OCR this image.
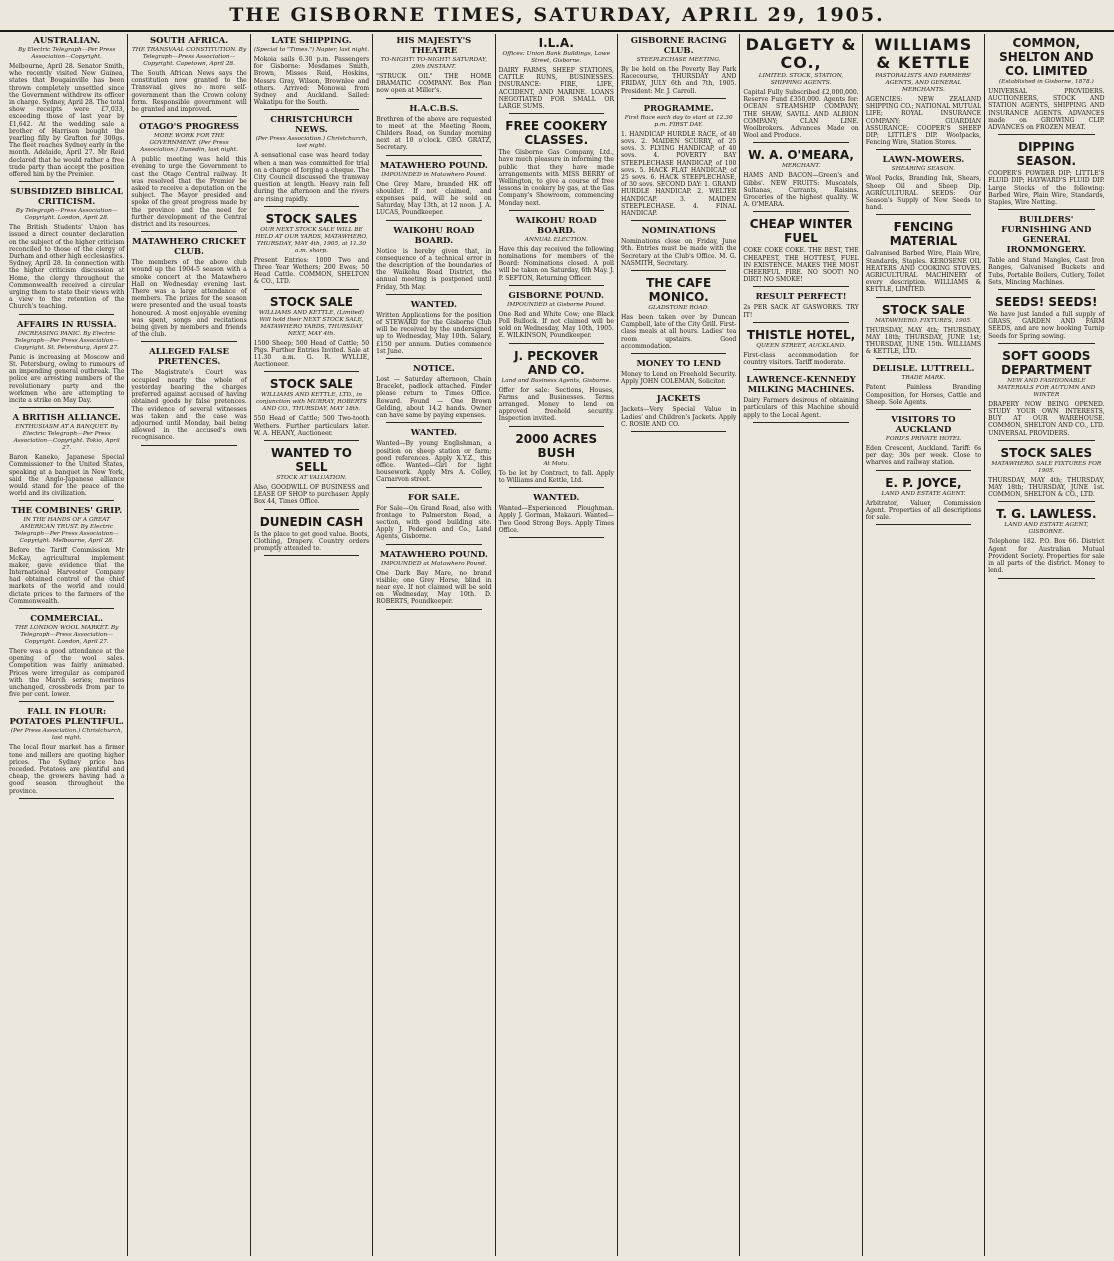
THE GISBORNE TIMES, SATURDAY, APRIL 29, 1905.
AUSTRALIAN.
By Electric Telegraph—Per Press Association—Copyright.
Melbourne, April 28. Senator Smith, who recently visited New Guinea, states that Bougainville has been thrown completely unsettled since the Government withdrew its officer in charge. Sydney, April 28. The total show receipts were £7,033, exceeding those of last year by £1,642. At the wedding sale a brother of Harrison bought the yearling filly by Grafton for 300gs. The fleet reaches Sydney early in the month. Adelaide, April 27. Mr Reid declared that he would rather a free trade party than accept the position offered him by the Premier.
SUBSIDIZED BIBLICAL CRITICISM.
By Telegraph—Press Association—Copyright. London, April 28.
The British Students' Union has issued a direct counter declaration on the subject of the higher criticism reconciled to those of the clergy of Durham and other high ecclesiastics. Sydney, April 28. In connection with the higher criticism discussion at Home, the clergy throughout the Commonwealth received a circular urging them to state their views with a view to the retention of the Church's teaching.
AFFAIRS IN RUSSIA.
INCREASING PANIC. By Electric Telegraph—Per Press Association—Copyright. St. Petersburg, April 27.
Panic is increasing at Moscow and St. Petersburg, owing to rumours of an impending general outbreak. The police are arresting numbers of the revolutionary party and the workmen who are attempting to incite a strike on May Day.
A BRITISH ALLIANCE.
ENTHUSIASM AT A BANQUET. By Electric Telegraph—Per Press Association—Copyright. Tokio, April 27.
Baron Kaneko, Japanese Special Commissioner to the United States, speaking at a banquet in New York, said the Anglo-Japanese alliance would stand for the peace of the world and its civilization.
THE COMBINES' GRIP.
IN THE HANDS OF A GREAT AMERICAN TRUST. By Electric Telegraph—Per Press Association—Copyright. Melbourne, April 28.
Before the Tariff Commission Mr McKay, agricultural implement maker, gave evidence that the International Harvester Company had obtained control of the chief markets of the world and could dictate prices to the farmers of the Commonwealth.
COMMERCIAL.
THE LONDON WOOL MARKET. By Telegraph—Press Association—Copyright. London, April 27.
There was a good attendance at the opening of the wool sales. Competition was fairly animated. Prices were irregular as compared with the March series; merinos unchanged, crossbreds from par to five per cent. lower.
FALL IN FLOUR: POTATOES PLENTIFUL.
(Per Press Association.) Christchurch, last night.
The local flour market has a firmer tone and millers are quoting higher prices. The Sydney price has receded. Potatoes are plentiful and cheap, the growers having had a good season throughout the province.
SOUTH AFRICA.
THE TRANSVAAL CONSTITUTION. By Telegraph—Press Association—Copyright. Capetown, April 28.
The South African News says the constitution now granted to the Transvaal gives no more self-government than the Crown colony form. Responsible government will be granted and improved.
OTAGO'S PROGRESS
MORE WORK FOR THE GOVERNMENT. (Per Press Association.) Dunedin, last night.
A public meeting was held this evening to urge the Government to cast the Otago Central railway. It was resolved that the Premier be asked to receive a deputation on the subject. The Mayor presided and spoke of the great progress made by the province and the need for further development of the Central district and its resources.
MATAWHERO CRICKET CLUB.
The members of the above club wound up the 1904-5 season with a smoke concert at the Matawhero Hall on Wednesday evening last. There was a large attendance of members. The prizes for the season were presented and the usual toasts honoured. A most enjoyable evening was spent, songs and recitations being given by members and friends of the club.
ALLEGED FALSE PRETENCES.
The Magistrate's Court was occupied nearly the whole of yesterday hearing the charges preferred against accused of having obtained goods by false pretences. The evidence of several witnesses was taken and the case was adjourned until Monday, bail being allowed in the accused's own recognisance.
LATE SHIPPING.
(Special to "Times.") Napier, last night.
Mokoia sails 6.30 p.m. Passengers for Gisborne: Mesdames Smith, Brown, Misses Reid, Hoskins, Messrs Gray, Wilson, Brownlee and others. Arrived: Monowai from Sydney and Auckland. Sailed: Wakatipu for the South.
CHRISTCHURCH NEWS.
(Per Press Association.) Christchurch, last night.
A sensational case was heard today when a man was committed for trial on a charge of forging a cheque. The City Council discussed the tramway question at length. Heavy rain fell during the afternoon and the rivers are rising rapidly.
STOCK SALES
OUR NEXT STOCK SALE WILL BE HELD AT OUR YARDS, MATAWHERO, THURSDAY, MAY 4th, 1905, at 11.30 a.m. sharp.
Present Entries: 1000 Two and Three Year Wethers; 200 Ewes; 50 Head Cattle. COMMON, SHELTON & CO., LTD.
STOCK SALE
WILLIAMS AND KETTLE, (Limited) Will hold their NEXT STOCK SALE, MATAWHERO YARDS, THURSDAY NEXT, MAY 4th.
1500 Sheep; 500 Head of Cattle; 50 Pigs. Further Entries Invited. Sale at 11.30 a.m. G. R. WYLLIE, Auctioneer.
STOCK SALE
WILLIAMS AND KETTLE, LTD., in conjunction with MURRAY, ROBERTS AND CO., THURSDAY, MAY 18th.
550 Head of Cattle; 500 Two-tooth Wethers. Further particulars later. W. A. HEANY, Auctioneer.
WANTED TO SELL
STOCK AT VALUATION.
Also, GOODWILL OF BUSINESS and LEASE OF SHOP to purchaser. Apply Box 44, Times Office.
DUNEDIN CASH
Is the place to get good value. Boots, Clothing, Drapery. Country orders promptly attended to.
HIS MAJESTY'S THEATRE
TO-NIGHT! TO-NIGHT! SATURDAY, 29th INSTANT.
"STRUCK OIL" THE HOME DRAMATIC COMPANY. Box Plan now open at Miller's.
H.A.C.B.S.
Brethren of the above are requested to meet at the Meeting Room, Childers Road, on Sunday morning next at 10 o'clock. GEO. GRATZ, Secretary.
MATAWHERO POUND.
IMPOUNDED in Matawhero Pound.
One Grey Mare, branded HK off shoulder. If not claimed, and expenses paid, will be sold on Saturday, May 13th, at 12 noon. J. A. LUCAS, Poundkeeper.
WAIKOHU ROAD BOARD.
Notice is hereby given that, in consequence of a technical error in the description of the boundaries of the Waikohu Road District, the annual meeting is postponed until Friday, 5th May.
WANTED.
Written Applications for the position of STEWARD for the Gisborne Club will be received by the undersigned up to Wednesday, May 10th. Salary, £150 per annum. Duties commence 1st June.
NOTICE.
Lost — Saturday afternoon, Chain Bracelet, padlock attached. Finder please return to Times Office. Reward. Found — One Brown Gelding, about 14.2 hands. Owner can have same by paying expenses.
WANTED.
Wanted—By young Englishman, a position on sheep station or farm; good references. Apply X.Y.Z., this office. Wanted—Girl for light housework. Apply Mrs A. Colley, Carnarvon street.
FOR SALE.
For Sale—On Grand Road, also with frontage to Palmerston Road, a section, with good building site. Apply J. Pedersen and Co., Land Agents, Gisborne.
MATAWHERO POUND.
IMPOUNDED at Matawhero Pound.
One Dark Bay Mare, no brand visible; one Grey Horse, blind in near eye. If not claimed will be sold on Wednesday, May 10th. D. ROBERTS, Poundkeeper.
I.L.A.
Offices: Union Bank Buildings, Lowe Street, Gisborne.
DAIRY FARMS, SHEEP STATIONS, CATTLE RUNS, BUSINESSES. INSURANCE: FIRE, LIFE, ACCIDENT, AND MARINE. LOANS NEGOTIATED FOR SMALL OR LARGE SUMS.
FREE COOKERY CLASSES.
The Gisborne Gas Company, Ltd., have much pleasure in informing the public that they have made arrangements with MISS BERRY of Wellington, to give a course of free lessons in cookery by gas, at the Gas Company's Showroom, commencing Monday next.
WAIKOHU ROAD BOARD.
ANNUAL ELECTION.
Have this day received the following nominations for members of the Board: Nominations closed. A poll will be taken on Saturday, 6th May. J. P. SEFTON, Returning Officer.
GISBORNE POUND.
IMPOUNDED at Gisborne Pound.
One Red and White Cow; one Black Poll Bullock. If not claimed will be sold on Wednesday, May 10th, 1905. E. WILKINSON, Poundkeeper.
J. PECKOVER AND CO.
Land and Business Agents, Gisborne.
Offer for sale: Sections, Houses, Farms and Businesses. Terms arranged. Money to lend on approved freehold security. Inspection invited.
2000 ACRES BUSH
At Motu.
To be let by Contract, to fall. Apply to Williams and Kettle, Ltd.
WANTED.
Wanted—Experienced Ploughman. Apply J. Gorman, Makauri. Wanted—Two Good Strong Boys. Apply Times Office.
GISBORNE RACING CLUB.
STEEPLECHASE MEETING.
By be held on the Poverty Bay Park Racecourse, THURSDAY AND FRIDAY, JULY 6th and 7th, 1905. President: Mr. J. Carroll.
PROGRAMME.
First Race each day to start at 12.30 p.m. FIRST DAY.
1. HANDICAP HURDLE RACE, of 40 sovs. 2. MAIDEN SCURRY, of 25 sovs. 3. FLYING HANDICAP, of 40 sovs. 4. POVERTY BAY STEEPLECHASE HANDICAP, of 100 sovs. 5. HACK FLAT HANDICAP, of 25 sovs. 6. HACK STEEPLECHASE, of 30 sovs. SECOND DAY: 1. GRAND HURDLE HANDICAP. 2. WELTER HANDICAP. 3. MAIDEN STEEPLECHASE. 4. FINAL HANDICAP.
NOMINATIONS
Nominations close on Friday, June 9th. Entries must be made with the Secretary at the Club's Office. M. G. NASMITH, Secretary.
THE CAFE MONICO.
GLADSTONE ROAD.
Has been taken over by Duncan Campbell, late of the City Grill. First-class meals at all hours. Ladies' tea room upstairs. Good accommodation.
MONEY TO LEND
Money to Lend on Freehold Security. Apply JOHN COLEMAN, Solicitor.
JACKETS
Jackets—Very Special Value in Ladies' and Children's Jackets. Apply C. ROSIE AND CO.
DALGETY & CO.,
LIMITED. STOCK, STATION, SHIPPING AGENTS.
Capital Fully Subscribed £2,000,000. Reserve Fund £350,000. Agents for: OCEAN STEAMSHIP COMPANY; THE SHAW, SAVILL AND ALBION COMPANY; CLAN LINE. Woolbrokers. Advances Made on Wool and Produce.
W. A. O'MEARA,
MERCHANT.
HAMS AND BACON—Green's and Gibbs'. NEW FRUITS: Muscatels, Sultanas, Currants, Raisins. Groceries of the highest quality. W. A. O'MEARA.
CHEAP WINTER FUEL
COKE COKE COKE. THE BEST, THE CHEAPEST, THE HOTTEST, FUEL IN EXISTENCE. MAKES THE MOST CHEERFUL FIRE. NO SOOT! NO DIRT! NO SMOKE!
RESULT PERFECT!
2s PER SACK AT GASWORKS. TRY IT!
THISTLE HOTEL,
QUEEN STREET, AUCKLAND.
First-class accommodation for country visitors. Tariff moderate.
LAWRENCE-KENNEDY MILKING MACHINES.
Dairy Farmers desirous of obtaining particulars of this Machine should apply to the Local Agent.
WILLIAMS & KETTLE
PASTORALISTS AND FARMERS' AGENTS, AND GENERAL MERCHANTS.
AGENCIES: NEW ZEALAND SHIPPING CO.; NATIONAL MUTUAL LIFE; ROYAL INSURANCE COMPANY; GUARDIAN ASSURANCE; COOPER'S SHEEP DIP; LITTLE'S DIP. Woolpacks, Fencing Wire, Station Stores.
LAWN-MOWERS.
SHEARING SEASON.
Wool Packs, Branding Ink, Shears, Sheep Oil and Sheep Dip. AGRICULTURAL SEEDS: Our Season's Supply of New Seeds to hand.
FENCING MATERIAL
Galvanised Barbed Wire, Plain Wire, Standards, Staples. KEROSENE OIL HEATERS AND COOKING STOVES. AGRICULTURAL MACHINERY of every description. WILLIAMS & KETTLE, LIMITED.
STOCK SALE
MATAWHERO. FIXTURES, 1905.
THURSDAY, MAY 4th; THURSDAY, MAY 18th; THURSDAY, JUNE 1st; THURSDAY, JUNE 15th. WILLIAMS & KETTLE, LTD.
DELISLE. LUTTRELL.
TRADE MARK.
Patent Painless Branding Composition, for Horses, Cattle and Sheep. Sole Agents.
VISITORS TO AUCKLAND
FORD'S PRIVATE HOTEL
Eden Crescent, Auckland. Tariff: 6s per day; 30s per week. Close to wharves and railway station.
E. P. JOYCE,
LAND AND ESTATE AGENT.
Arbitrator, Valuer, Commission Agent. Properties of all descriptions for sale.
COMMON, SHELTON AND CO. LIMITED
(Established in Gisborne, 1878.)
UNIVERSAL PROVIDERS. AUCTIONEERS, STOCK AND STATION AGENTS, SHIPPING AND INSURANCE AGENTS. ADVANCES made on GROWING CLIP. ADVANCES on FROZEN MEAT.
DIPPING SEASON.
COOPER'S POWDER DIP; LITTLE'S FLUID DIP; HAYWARD'S FLUID DIP. Large Stocks of the following: Barbed Wire, Plain Wire, Standards, Staples, Wire Netting.
BUILDERS' FURNISHING AND GENERAL IRONMONGERY.
Table and Stand Mangles, Cast Iron Ranges, Galvanised Buckets and Tubs, Portable Boilers, Cutlery, Toilet Sets, Mincing Machines.
SEEDS! SEEDS!
We have just landed a full supply of GRASS, GARDEN AND FARM SEEDS, and are now booking Turnip Seeds for Spring sowing.
SOFT GOODS DEPARTMENT
NEW AND FASHIONABLE MATERIALS FOR AUTUMN AND WINTER
DRAPERY NOW BEING OPENED. STUDY YOUR OWN INTERESTS, BUY AT OUR WAREHOUSE. COMMON, SHELTON AND CO., LTD. UNIVERSAL PROVIDERS.
STOCK SALES
MATAWHERO. SALE FIXTURES FOR 1905.
THURSDAY, MAY 4th; THURSDAY, MAY 18th; THURSDAY, JUNE 1st. COMMON, SHELTON & CO., LTD.
T. G. LAWLESS.
LAND AND ESTATE AGENT, GISBORNE.
Telephone 182. P.O. Box 66. District Agent for Australian Mutual Provident Society. Properties for sale in all parts of the district. Money to lend.
